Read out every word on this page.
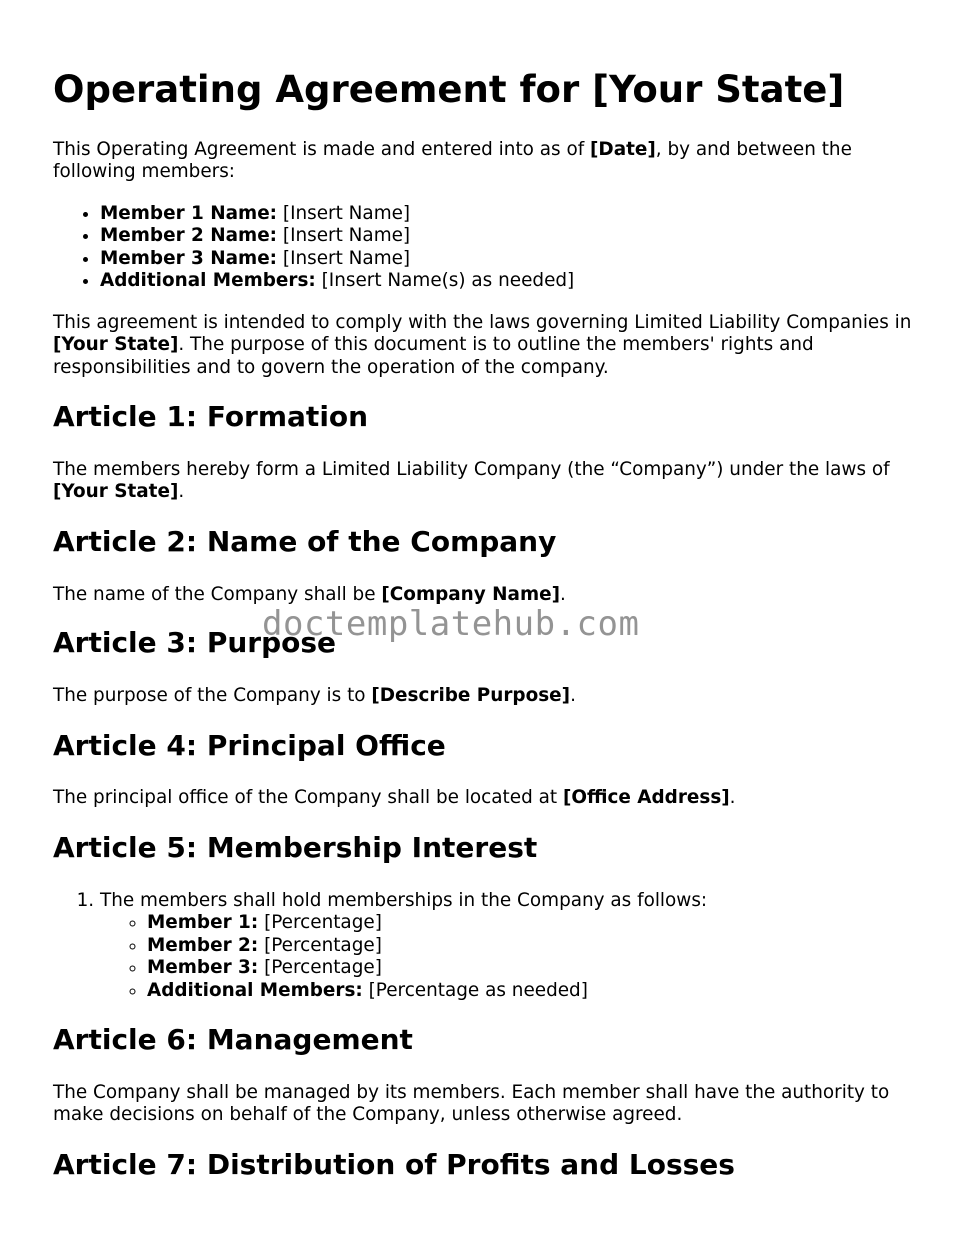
Operating Agreement for [Your State]

This Operating Agreement is made and entered into as of [Date], by and between the following members:

• Member 1 Name: [Insert Name]
• Member 2 Name: [Insert Name]
• Member 3 Name: [Insert Name]
• Additional Members: [Insert Name(s) as needed]

This agreement is intended to comply with the laws governing Limited Liability Companies in [Your State]. The purpose of this document is to outline the members' rights and responsibilities and to govern the operation of the company.

Article 1: Formation

The members hereby form a Limited Liability Company (the “Company”) under the laws of [Your State].

Article 2: Name of the Company

The name of the Company shall be [Company Name].

Article 3: Purpose

The purpose of the Company is to [Describe Purpose].

Article 4: Principal Office

The principal office of the Company shall be located at [Office Address].

Article 5: Membership Interest
1. The members shall hold memberships in the Company as follows:
◦ Member 1: [Percentage]
◦ Member 2: [Percentage]
◦ Member 3: [Percentage]
◦ Additional Members: [Percentage as needed]
Article 6: Management

The Company shall be managed by its members. Each member shall have the authority to make decisions on behalf of the Company, unless otherwise agreed.

Article 7: Distribution of Profits and Losses
doctemplatehub.com
